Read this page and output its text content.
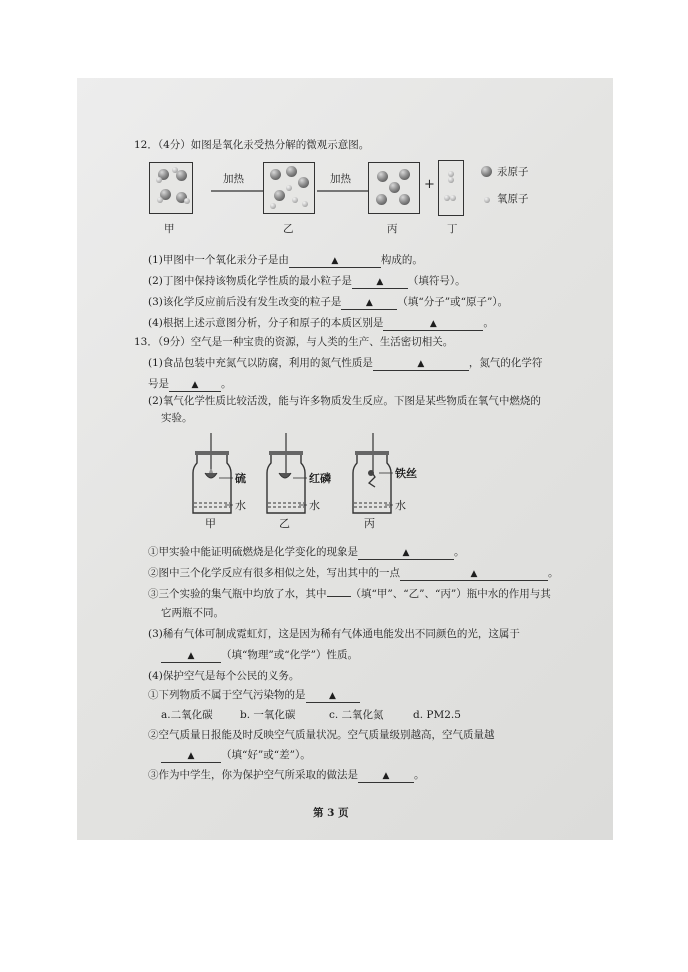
12．（4分）如图是氧化汞受热分解的微观示意图。
加热	加热	+
汞原子
氧原子
甲	乙	丙	丁
(1)甲图中一个氧化汞分子是由	▲	构成的。
(2)丁图中保持该物质化学性质的最小粒子是	▲ （填符号）。
(3)该化学反应前后没有发生改变的粒子是	▲ （填“分子”或“原子”）。
(4)根据上述示意图分析，分子和原子的本质区别是	▲	。
13．（9分）空气是一种宝贵的资源，与人类的生产、生活密切相关。
(1)食品包装中充氮气以防腐，利用的氮气性质是	▲	，氮气的化学符
号是	▲ 。
(2)氧气化学性质比较活泼，能与许多物质发生反应。下图是某些物质在氧气中燃烧的
实验。
硫
水
红磷
水
铁丝
水
甲	乙	丙
①甲实验中能证明硫燃烧是化学变化的现象是	▲	。
②图中三个化学反应有很多相似之处，写出其中的一点	▲	。
③三个实验的集气瓶中均放了水，其中 （填“甲”、“乙”、“丙”）瓶中水的作用与其
它两瓶不同。
(3)稀有气体可制成霓虹灯，这是因为稀有气体通电能发出不同颜色的光，这属于
▲	（填“物理”或“化学”）性质。
(4)保护空气是每个公民的义务。
①下列物质不属于空气污染物的是	▲
a.二氧化碳	b. 一氧化碳	c. 二氧化氮	d. PM2.5
②空气质量日报能及时反映空气质量状况。空气质量级别越高，空气质量越
▲	（填“好”或“差”）。
③作为中学生，你为保护空气所采取的做法是	▲ 。
第 3 页
